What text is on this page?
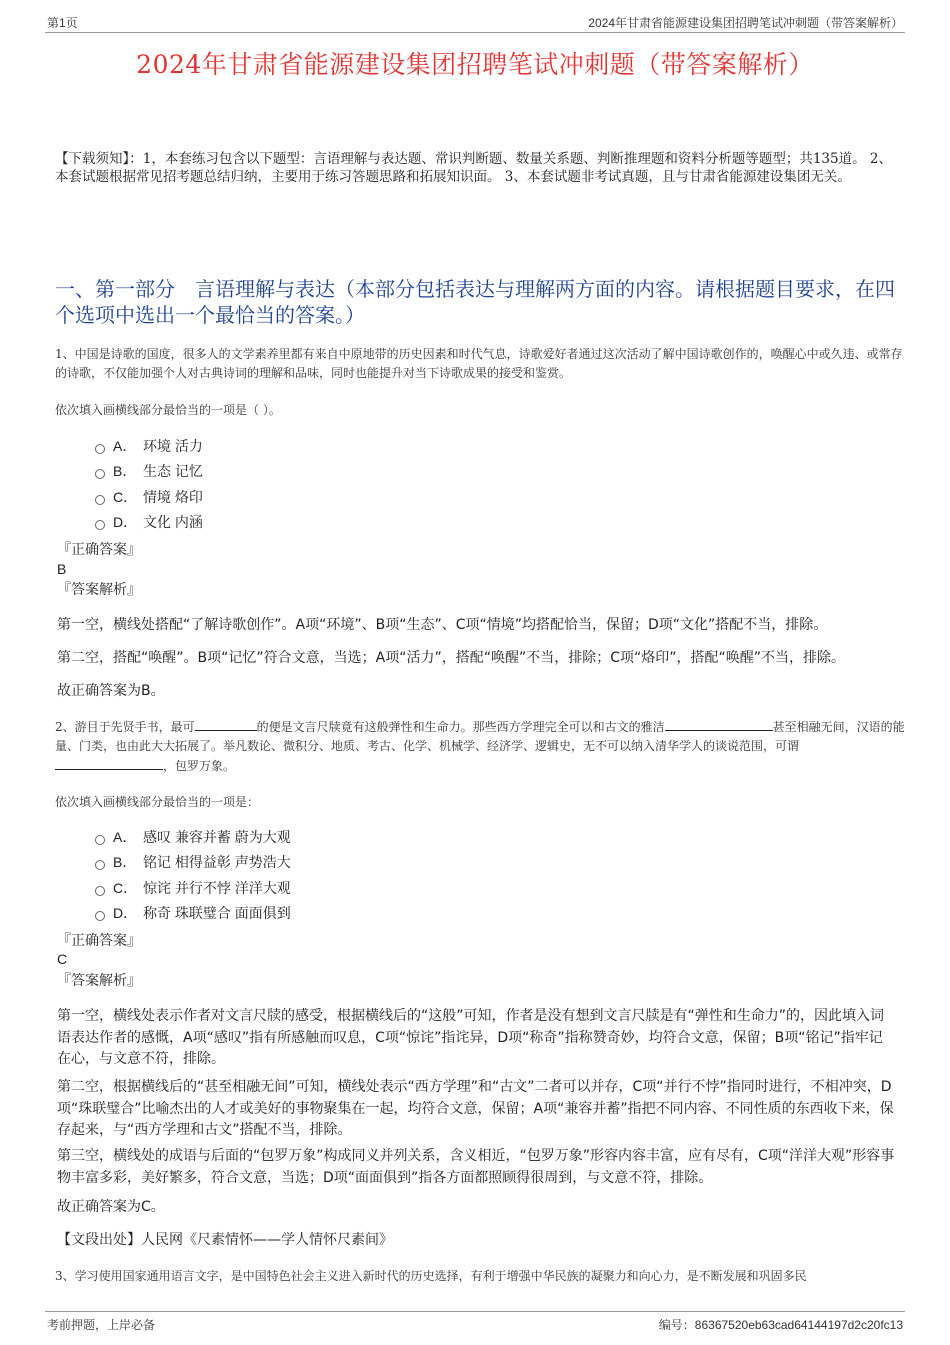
第1页	2024年甘肃省能源建设集团招聘笔试冲刺题（带答案解析）
2024年甘肃省能源建设集团招聘笔试冲刺题（带答案解析）

【下载须知】：1，本套练习包含以下题型：言语理解与表达题、常识判断题、数量关系题、判断推理题和资料分析题等题型；共135道。 2、本套试题根据常见招考题总结归纳，主要用于练习答题思路和拓展知识面。 3、本套试题非考试真题，且与甘肃省能源建设集团无关。

一、第一部分　言语理解与表达（本部分包括表达与理解两方面的内容。请根据题目要求，在四个选项中选出一个最恰当的答案。）

1、中国是诗歌的国度，很多人的文学素养里都有来自中原地带的历史因素和时代气息，诗歌爱好者通过这次活动了解中国诗歌创作的，唤醒心中或久违、或常存的诗歌，不仅能加强个人对古典诗词的理解和品味，同时也能提升对当下诗歌成果的接受和鉴赏。

依次填入画横线部分最恰当的一项是（ ）。

A． 环境 活力
B． 生态 记忆
C． 情境 烙印
D． 文化 内涵

『正确答案』

B

『答案解析』

第一空，横线处搭配“了解诗歌创作”。A项“环境”、B项“生态”、C项“情境”均搭配恰当，保留；D项“文化”搭配不当，排除。

第二空，搭配“唤醒”。B项“记忆”符合文意，当选；A项“活力”，搭配“唤醒”不当，排除；C项“烙印”，搭配“唤醒”不当，排除。

故正确答案为B。

2、游目于先贤手书，最可	的便是文言尺牍竟有这般弹性和生命力。那些西方学理完全可以和古文的雅洁	甚至相融无间，汉语的能量、门类，也由此大大拓展了。举凡数论、微积分、地质、考古、化学、机械学、经济学、逻辑史，无不可以纳入清华学人的谈说范围，可谓，包罗万象。

依次填入画横线部分最恰当的一项是：

A． 感叹 兼容并蓄 蔚为大观
B． 铭记 相得益彰 声势浩大
C． 惊诧 并行不悖 洋洋大观
D． 称奇 珠联璧合 面面俱到

『正确答案』

C

『答案解析』

第一空，横线处表示作者对文言尺牍的感受，根据横线后的“这般”可知，作者是没有想到文言尺牍是有“弹性和生命力”的，因此填入词语表达作者的感慨，A项“感叹”指有所感触而叹息，C项“惊诧”指诧异，D项“称奇”指称赞奇妙，均符合文意，保留；B项“铭记”指牢记在心，与文意不符，排除。

第二空，根据横线后的“甚至相融无间”可知，横线处表示“西方学理”和“古文”二者可以并存，C项“并行不悖”指同时进行，不相冲突，D项“珠联璧合”比喻杰出的人才或美好的事物聚集在一起，均符合文意，保留；A项“兼容并蓄”指把不同内容、不同性质的东西收下来，保存起来，与“西方学理和古文”搭配不当，排除。

第三空，横线处的成语与后面的“包罗万象”构成同义并列关系，含义相近，“包罗万象”形容内容丰富，应有尽有，C项“洋洋大观”形容事物丰富多彩，美好繁多，符合文意，当选；D项“面面俱到”指各方面都照顾得很周到，与文意不符，排除。

故正确答案为C。

【文段出处】人民网《尺素情怀——学人情怀尺素间》

3、学习使用国家通用语言文字，是中国特色社会主义进入新时代的历史选择，有利于增强中华民族的凝聚力和向心力，是不断发展和巩固多民

考前押题，上岸必备	编号：86367520eb63cad64144197d2c20fc13
